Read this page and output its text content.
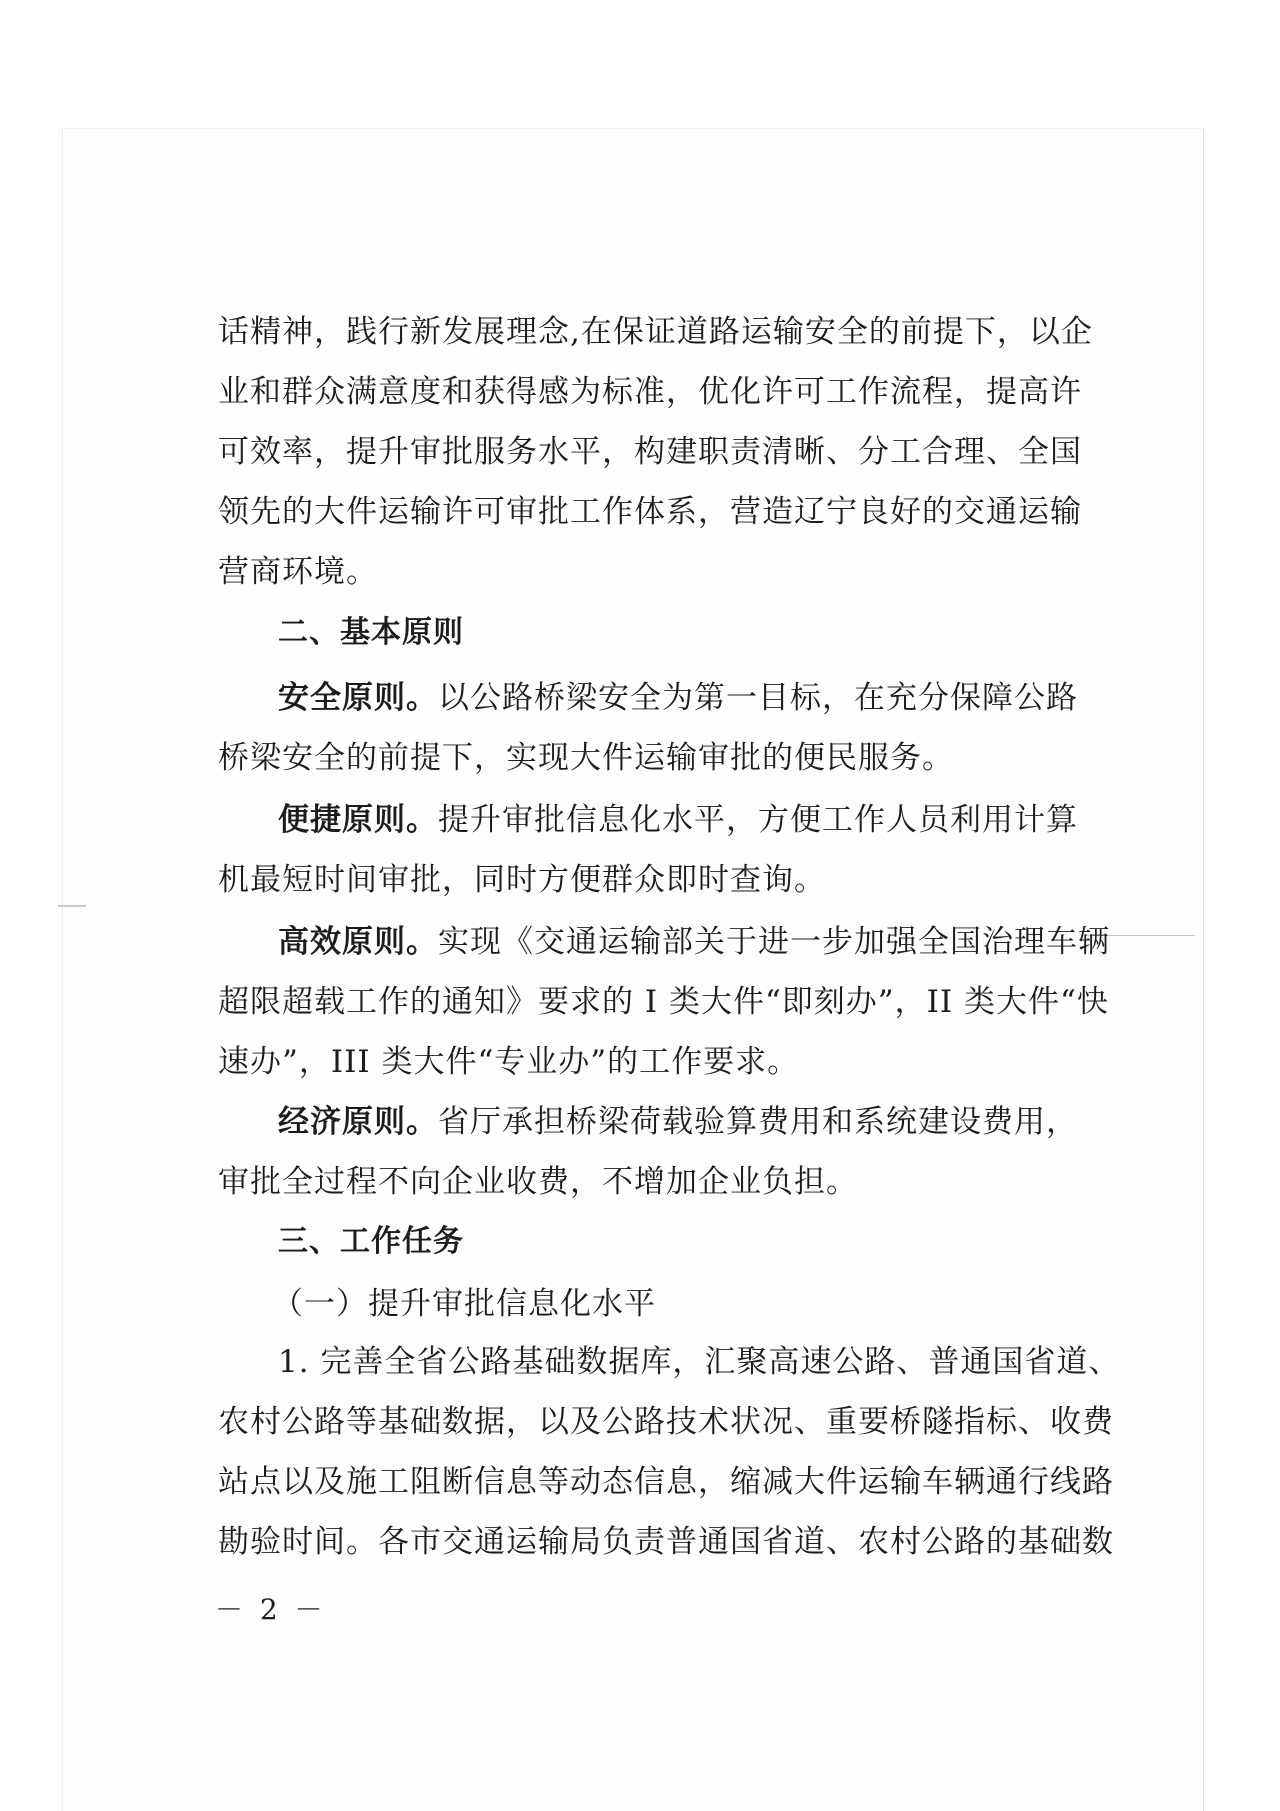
话精神，践行新发展理念,在保证道路运输安全的前提下，以企
业和群众满意度和获得感为标准，优化许可工作流程，提高许
可效率，提升审批服务水平，构建职责清晰、分工合理、全国
领先的大件运输许可审批工作体系，营造辽宁良好的交通运输
营商环境。
二、基本原则
安全原则。以公路桥梁安全为第一目标，在充分保障公路
桥梁安全的前提下，实现大件运输审批的便民服务。
便捷原则。提升审批信息化水平，方便工作人员利用计算
机最短时间审批，同时方便群众即时查询。
高效原则。实现《交通运输部关于进一步加强全国治理车辆
超限超载工作的通知》要求的 I 类大件“即刻办”，II 类大件“快
速办”，III 类大件“专业办”的工作要求。
经济原则。省厅承担桥梁荷载验算费用和系统建设费用，
审批全过程不向企业收费，不增加企业负担。
三、工作任务
（一）提升审批信息化水平
1. 完善全省公路基础数据库，汇聚高速公路、普通国省道、
农村公路等基础数据，以及公路技术状况、重要桥隧指标、收费
站点以及施工阻断信息等动态信息，缩减大件运输车辆通行线路
勘验时间。各市交通运输局负责普通国省道、农村公路的基础数
－ 2 －
